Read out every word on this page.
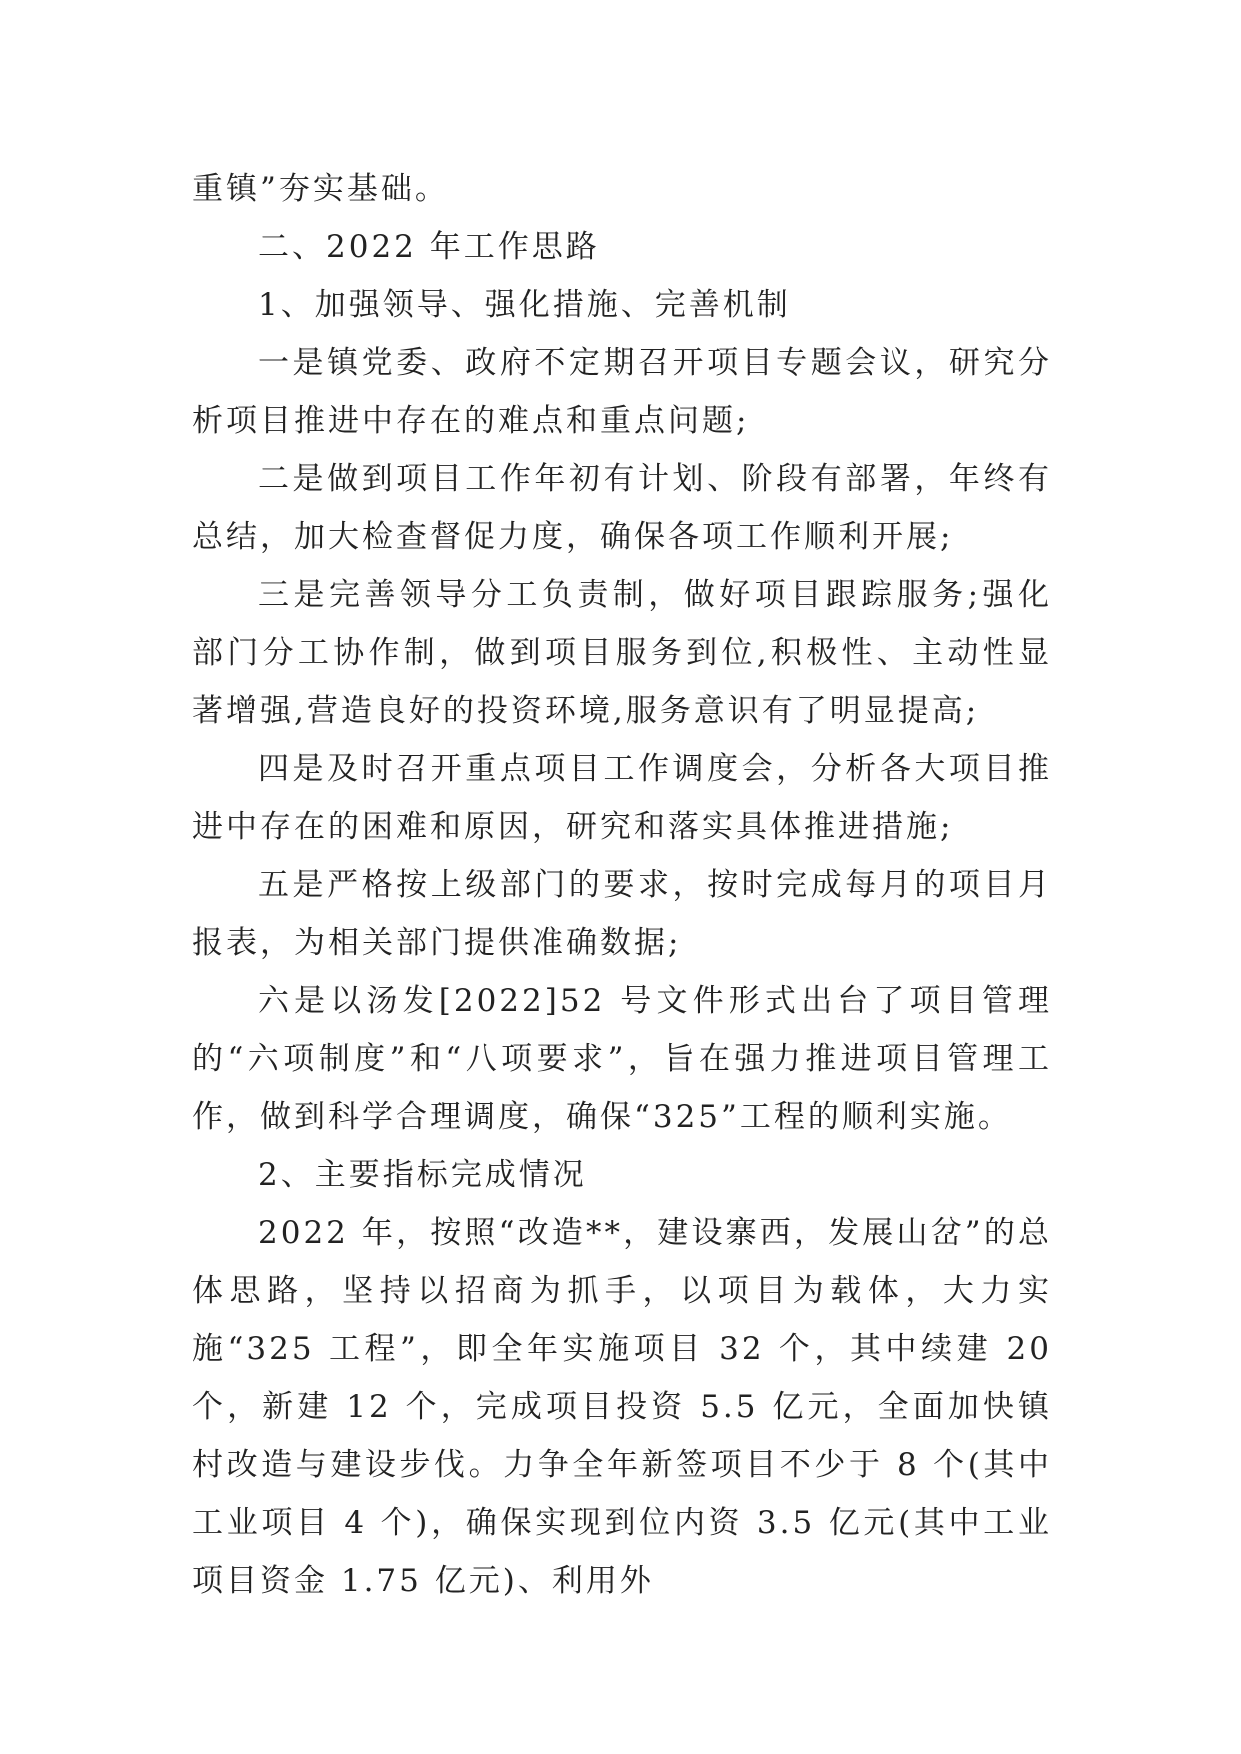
重镇”夯实基础。

二、2022 年工作思路

1、加强领导、强化措施、完善机制

一是镇党委、政府不定期召开项目专题会议，研究分析项目推进中存在的难点和重点问题;

二是做到项目工作年初有计划、阶段有部署，年终有总结，加大检查督促力度，确保各项工作顺利开展;

三是完善领导分工负责制，做好项目跟踪服务;强化部门分工协作制，做到项目服务到位,积极性、主动性显著增强,营造良好的投资环境,服务意识有了明显提高;

四是及时召开重点项目工作调度会，分析各大项目推进中存在的困难和原因，研究和落实具体推进措施;

五是严格按上级部门的要求，按时完成每月的项目月报表，为相关部门提供准确数据;

六是以汤发[2022]52 号文件形式出台了项目管理的“六项制度”和“八项要求”，旨在强力推进项目管理工作，做到科学合理调度，确保“325”工程的顺利实施。

2、主要指标完成情况

2022 年，按照“改造**，建设寨西，发展山岔”的总体思路，坚持以招商为抓手，以项目为载体，大力实施“325 工程”，即全年实施项目 32 个，其中续建 20 个，新建 12 个，完成项目投资 5.5 亿元，全面加快镇村改造与建设步伐。力争全年新签项目不少于 8 个(其中工业项目 4 个)，确保实现到位内资 3.5 亿元(其中工业项目资金 1.75 亿元)、利用外
